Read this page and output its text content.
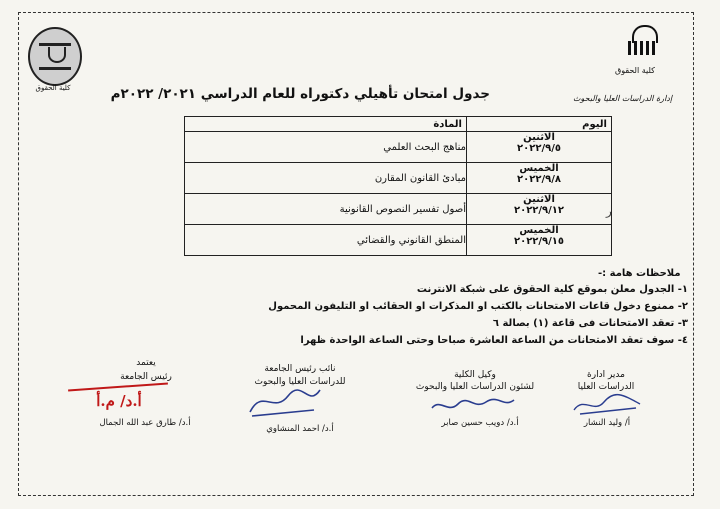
كلية الحقوق
كلية الحقوق
إدارة الدراسات العليا والبحوث
جدول امتحان تأهيلي دكتوراه للعام الدراسي ٢٠٢١/ ٢٠٢٢م
اليوم	المادة

الاثنين
٢٠٢٢/٩/٥	مناهج البحث العلمي

الخميس
٢٠٢٢/٩/٨	مبادئ القانون المقارن

الاثنين
٢٠٢٢/٩/١٢	أصول تفسير النصوص القانونية

الخميس
٢٠٢٢/٩/١٥	المنطق القانوني والقضائي
ر
ملاحظات هامة :-
١- الجدول معلن بموقع كلية الحقوق على شبكة الانترنت
٢- ممنوع دخول قاعات الامتحانات بالكتب او المذكرات او الحقائب او التليفون المحمول
٣- تعقد الامتحانات فى قاعة (١) بصالة ٦
٤- سوف تعقد الامتحانات من الساعة العاشرة صباحا وحتى الساعة الواحدة ظهرا
مدير ادارة
الدراسات العليا
أ/ وليد النشار
وكيل الكلية
لشئون الدراسات العليا والبحوث
أ.د/ دويب حسين صابر
نائب رئيس الجامعة
للدراسات العليا والبحوث
أ.د/ احمد المنشاوي
يعتمد
رئيس الجامعة
أ.د/ م.أ
أ.د/ طارق عبد الله الجمال
